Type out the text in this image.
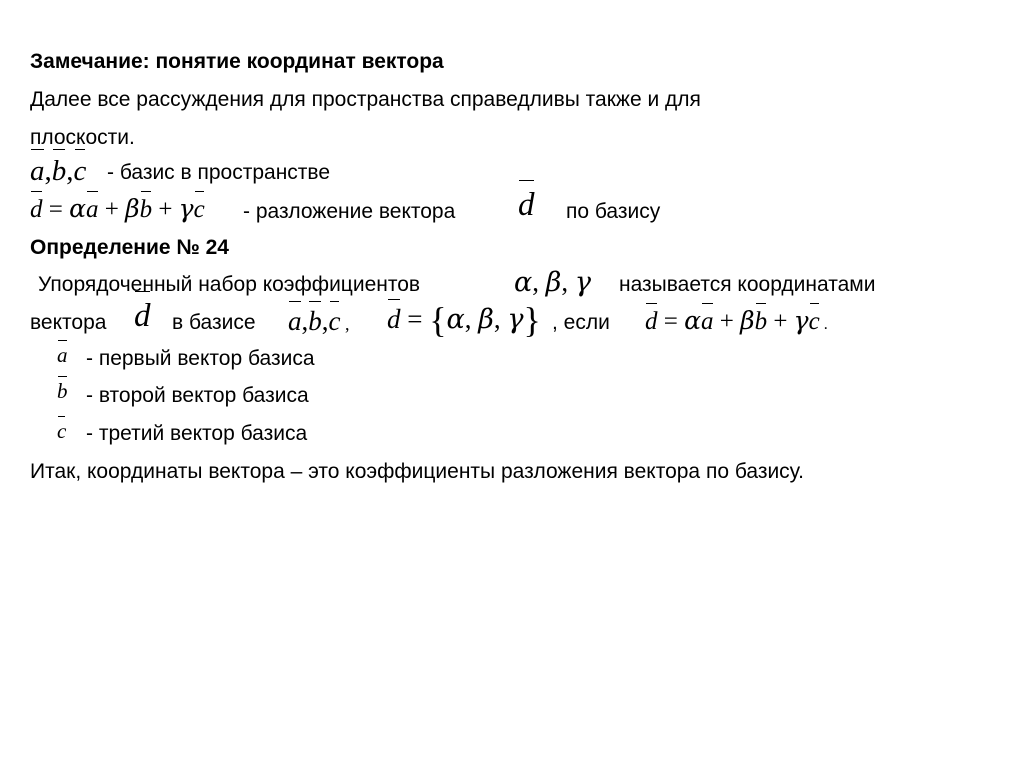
Замечание: понятие координат вектора
Далее все рассуждения для пространства справедливы также и для
плоскости.
a,b,c - базис в пространстве
d = αa + βb + γc - разложение вектора d по базису
Определение № 24
Упорядоченный набор коэффициентов	α, β, γ называется координатами
вектора d в базисе a,b,c , d = {α, β, γ} , если d = αa + βb + γc .
a - первый вектор базиса
b - второй вектор базиса
c - третий вектор базиса
Итак, координаты вектора – это коэффициенты разложения вектора по базису.
